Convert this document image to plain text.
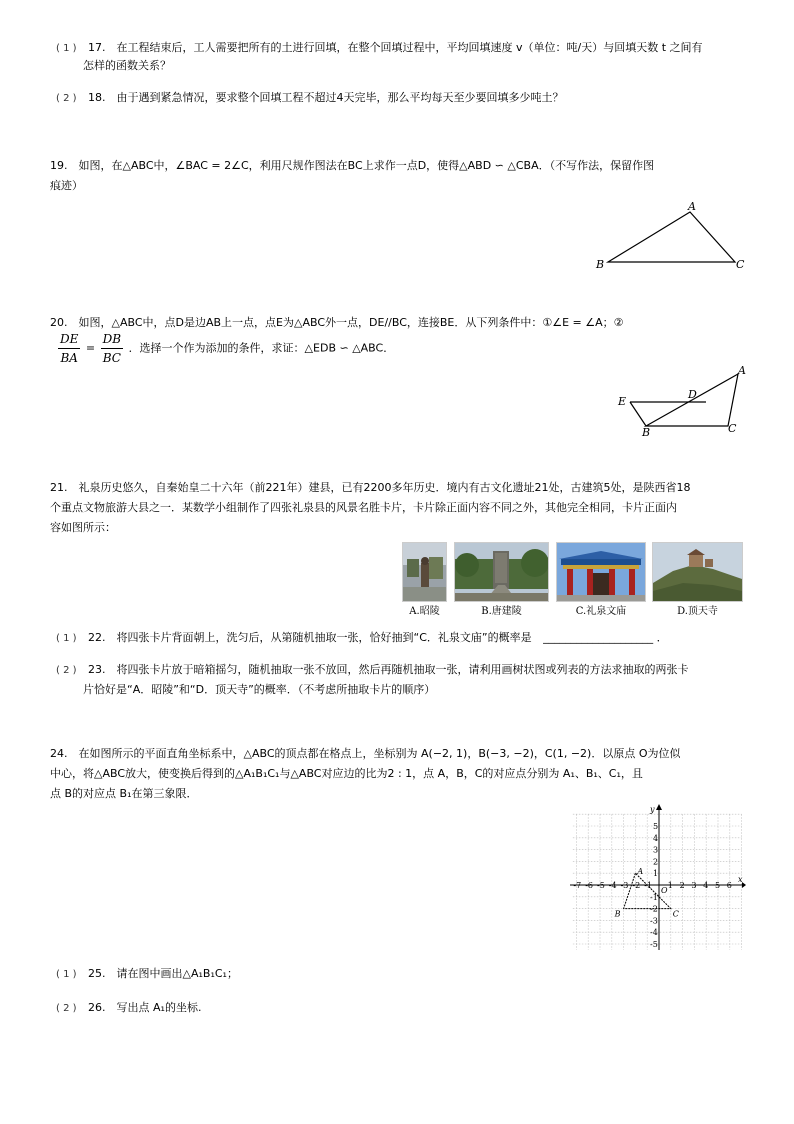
( 1 ) 17.　在工程结束后，工人需要把所有的土进行回填，在整个回填过程中，平均回填速度 v（单位：吨/天）与回填天数 t 之间有
怎样的函数关系？
( 2 ) 18.　由于遇到紧急情况，要求整个回填工程不超过4天完毕，那么平均每天至少要回填多少吨土？
19.　如图，在△ABC中，∠BAC = 2∠C，利用尺规作图法在BC上求作一点D，使得△ABD ∽ △CBA．（不写作法，保留作图
痕迹）
A
B	C
20.　如图，△ABC中，点D是边AB上一点，点E为△ABC外一点，DE//BC，连接BE．从下列条件中：①∠E = ∠A；②
$\frac{DE}{BA} = \frac{DB}{BC}$ ．选择一个作为添加的条件，求证：△EDB ∽ △ABC．
A
B	C
D
E
21.　礼泉历史悠久，自秦始皇二十六年（前221年）建县，已有2200多年历史．境内有古文化遗址21处，古建筑5处，是陕西省18
个重点文物旅游大县之一．某数学小组制作了四张礼泉县的风景名胜卡片，卡片除正面内容不同之外，其他完全相同，卡片正面内
容如图所示：
A.昭陵	B.唐建陵	C.礼泉文庙	D.顶天寺
( 1 ) 22.　将四张卡片背面朝上，洗匀后，从第随机抽取一张，恰好抽到“C．礼泉文庙”的概率是 ____________________ ．
( 2 ) 23.　将四张卡片放于暗箱摇匀，随机抽取一张不放回，然后再随机抽取一张，请利用画树状图或列表的方法求抽取的两张卡
片恰好是“A．昭陵”和“D．顶天寺”的概率．（不考虑所抽取卡片的顺序）
24.　在如图所示的平面直角坐标系中，△ABC的顶点都在格点上，坐标别为 A(−2, 1)，B(−3, −2)，C(1, −2)．以原点 O为位似
中心，将△ABC放大，使变换后得到的△A₁B₁C₁与△ABC对应边的比为2 : 1，点 A，B，C的对应点分别为 A₁、B₁、C₁，且
点 B的对应点 B₁在第三象限．
x
y
O
-7 -6 -5 -4 -3 -2 -1 1 2 3 4 5 6
5
4
3
2
1
-1
-2
-3
-4
-5
A
B	C
( 1 ) 25.　请在图中画出△A₁B₁C₁；
( 2 ) 26.　写出点 A₁的坐标.
